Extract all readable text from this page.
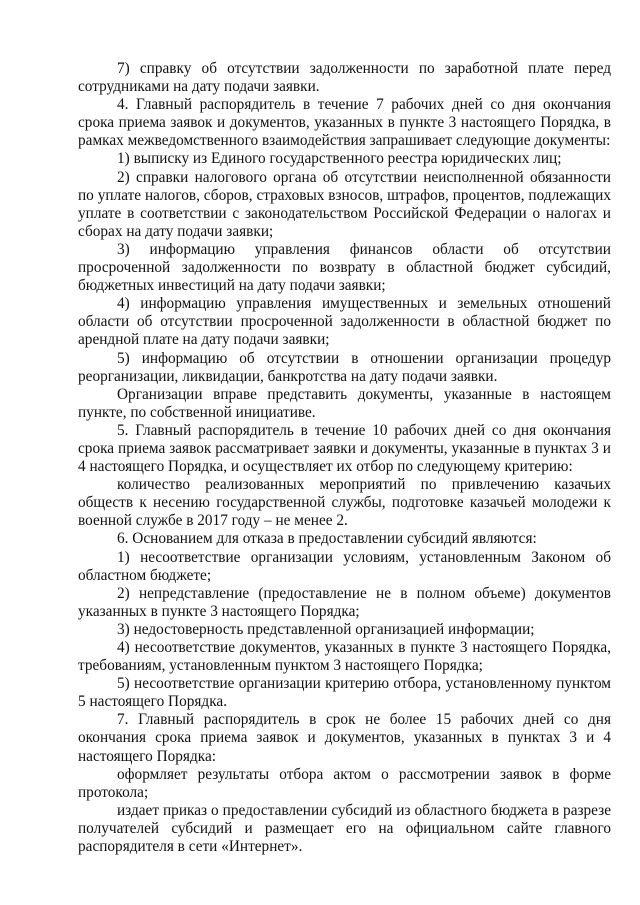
7) справку об отсутствии задолженности по заработной плате перед сотрудниками на дату подачи заявки.

4. Главный распорядитель в течение 7 рабочих дней со дня окончания срока приема заявок и документов, указанных в пункте 3 настоящего Порядка, в рамках межведомственного взаимодействия запрашивает следующие документы:

1) выписку из Единого государственного реестра юридических лиц;

2) справки налогового органа об отсутствии неисполненной обязанности по уплате налогов, сборов, страховых взносов, штрафов, процентов, подлежащих уплате в соответствии с законодательством Российской Федерации о налогах и сборах на дату подачи заявки;

3) информацию управления финансов области об отсутствии просроченной задолженности по возврату в областной бюджет субсидий, бюджетных инвестиций на дату подачи заявки;

4) информацию управления имущественных и земельных отношений области об отсутствии просроченной задолженности в областной бюджет по арендной плате на дату подачи заявки;

5) информацию об отсутствии в отношении организации процедур реорганизации, ликвидации, банкротства на дату подачи заявки.

Организации вправе представить документы, указанные в настоящем пункте, по собственной инициативе.

5. Главный распорядитель в течение 10 рабочих дней со дня окончания срока приема заявок рассматривает заявки и документы, указанные в пунктах 3 и 4 настоящего Порядка, и осуществляет их отбор по следующему критерию:

количество реализованных мероприятий по привлечению казачьих обществ к несению государственной службы, подготовке казачьей молодежи к военной службе в 2017 году – не менее 2.

6. Основанием для отказа в предоставлении субсидий являются:

1) несоответствие организации условиям, установленным Законом об областном бюджете;

2) непредставление (предоставление не в полном объеме) документов указанных в пункте 3 настоящего Порядка;

3) недостоверность представленной организацией информации;

4) несоответствие документов, указанных в пункте 3 настоящего Порядка, требованиям, установленным пунктом 3 настоящего Порядка;

5) несоответствие организации критерию отбора, установленному пунктом 5 настоящего Порядка.

7. Главный распорядитель в срок не более 15 рабочих дней со дня окончания срока приема заявок и документов, указанных в пунктах 3 и 4 настоящего Порядка:

оформляет результаты отбора актом о рассмотрении заявок в форме протокола;

издает приказ о предоставлении субсидий из областного бюджета в разрезе получателей субсидий и размещает его на официальном сайте главного распорядителя в сети «Интернет».
